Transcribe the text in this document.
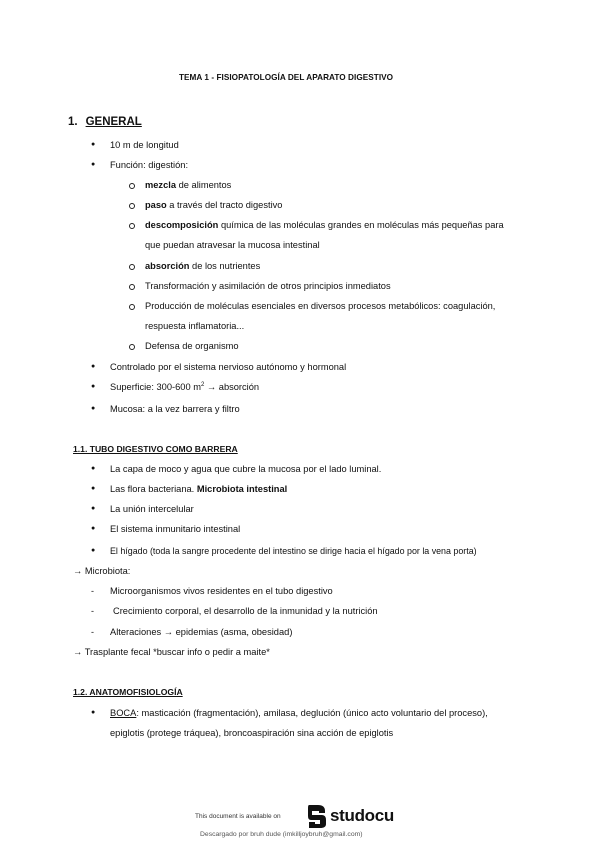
TEMA 1 - FISIOPATOLOGÍA DEL APARATO DIGESTIVO
1. GENERAL
● 10 m de longitud
● Función: digestión:
mezcla de alimentos
paso a través del tracto digestivo
descomposición química de las moléculas grandes en moléculas más pequeñas para
que puedan atravesar la mucosa intestinal
absorción de los nutrientes
Transformación y asimilación de otros principios inmediatos
Producción de moléculas esenciales en diversos procesos metabólicos: coagulación,
respuesta inflamatoria...
Defensa de organismo
● Controlado por el sistema nervioso autónomo y hormonal
● Superficie: 300-600 $m^2$ → absorción
● Mucosa: a la vez barrera y filtro
1.1. TUBO DIGESTIVO COMO BARRERA
● La capa de moco y agua que cubre la mucosa por el lado luminal.
● Las flora bacteriana. Microbiota intestinal
● La unión intercelular
● El sistema inmunitario intestinal
● El hígado (toda la sangre procedente del intestino se dirige hacia el hígado por la vena porta)
→ Microbiota:
- Microorganismos vivos residentes en el tubo digestivo
- Crecimiento corporal, el desarrollo de la inmunidad y la nutrición
- Alteraciones → epidemias (asma, obesidad)
→ Trasplante fecal *buscar info o pedir a maite*
1.2. ANATOMOFISIOLOGÍA
● BOCA: masticación (fragmentación), amilasa, deglución (único acto voluntario del proceso),
epiglotis (protege tráquea), broncoaspiración sina acción de epiglotis
This document is available on	studocu
Descargado por bruh dude (imkilljoybruh@gmail.com)
